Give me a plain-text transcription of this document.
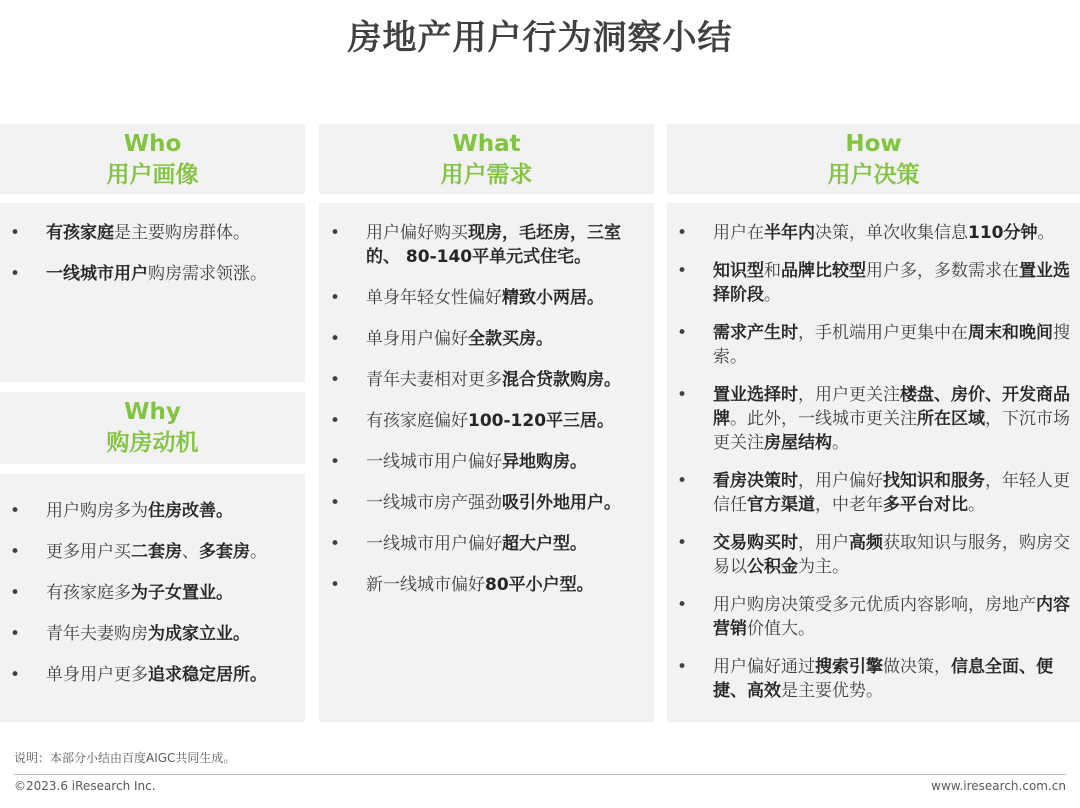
房地产用户行为洞察小结
Who
用户画像
• 有孩家庭是主要购房群体。
• 一线城市用户购房需求领涨。
Why
购房动机
• 用户购房多为住房改善。
• 更多用户买二套房、多套房。
• 有孩家庭多为子女置业。
• 青年夫妻购房为成家立业。
• 单身用户更多追求稳定居所。
What
用户需求
• 用户偏好购买现房，毛坯房，三室的、 80-140平单元式住宅。
• 单身年轻女性偏好精致小两居。
• 单身用户偏好全款买房。
• 青年夫妻相对更多混合贷款购房。
• 有孩家庭偏好100-120平三居。
• 一线城市用户偏好异地购房。
• 一线城市房产强劲吸引外地用户。
• 一线城市用户偏好超大户型。
• 新一线城市偏好80平小户型。
How
用户决策
• 用户在半年内决策，单次收集信息110分钟。
• 知识型和品牌比较型用户多，多数需求在置业选择阶段。
• 需求产生时，手机端用户更集中在周末和晚间搜索。
• 置业选择时，用户更关注楼盘、房价、开发商品牌。此外，一线城市更关注所在区域，下沉市场更关注房屋结构。
• 看房决策时，用户偏好找知识和服务，年轻人更信任官方渠道，中老年多平台对比。
• 交易购买时，用户高频获取知识与服务，购房交易以公积金为主。
• 用户购房决策受多元优质内容影响，房地产内容营销价值大。
• 用户偏好通过搜索引擎做决策，信息全面、便捷、高效是主要优势。
说明：本部分小结由百度AIGC共同生成。
©2023.6 iResearch Inc.	www.iresearch.com.cn
